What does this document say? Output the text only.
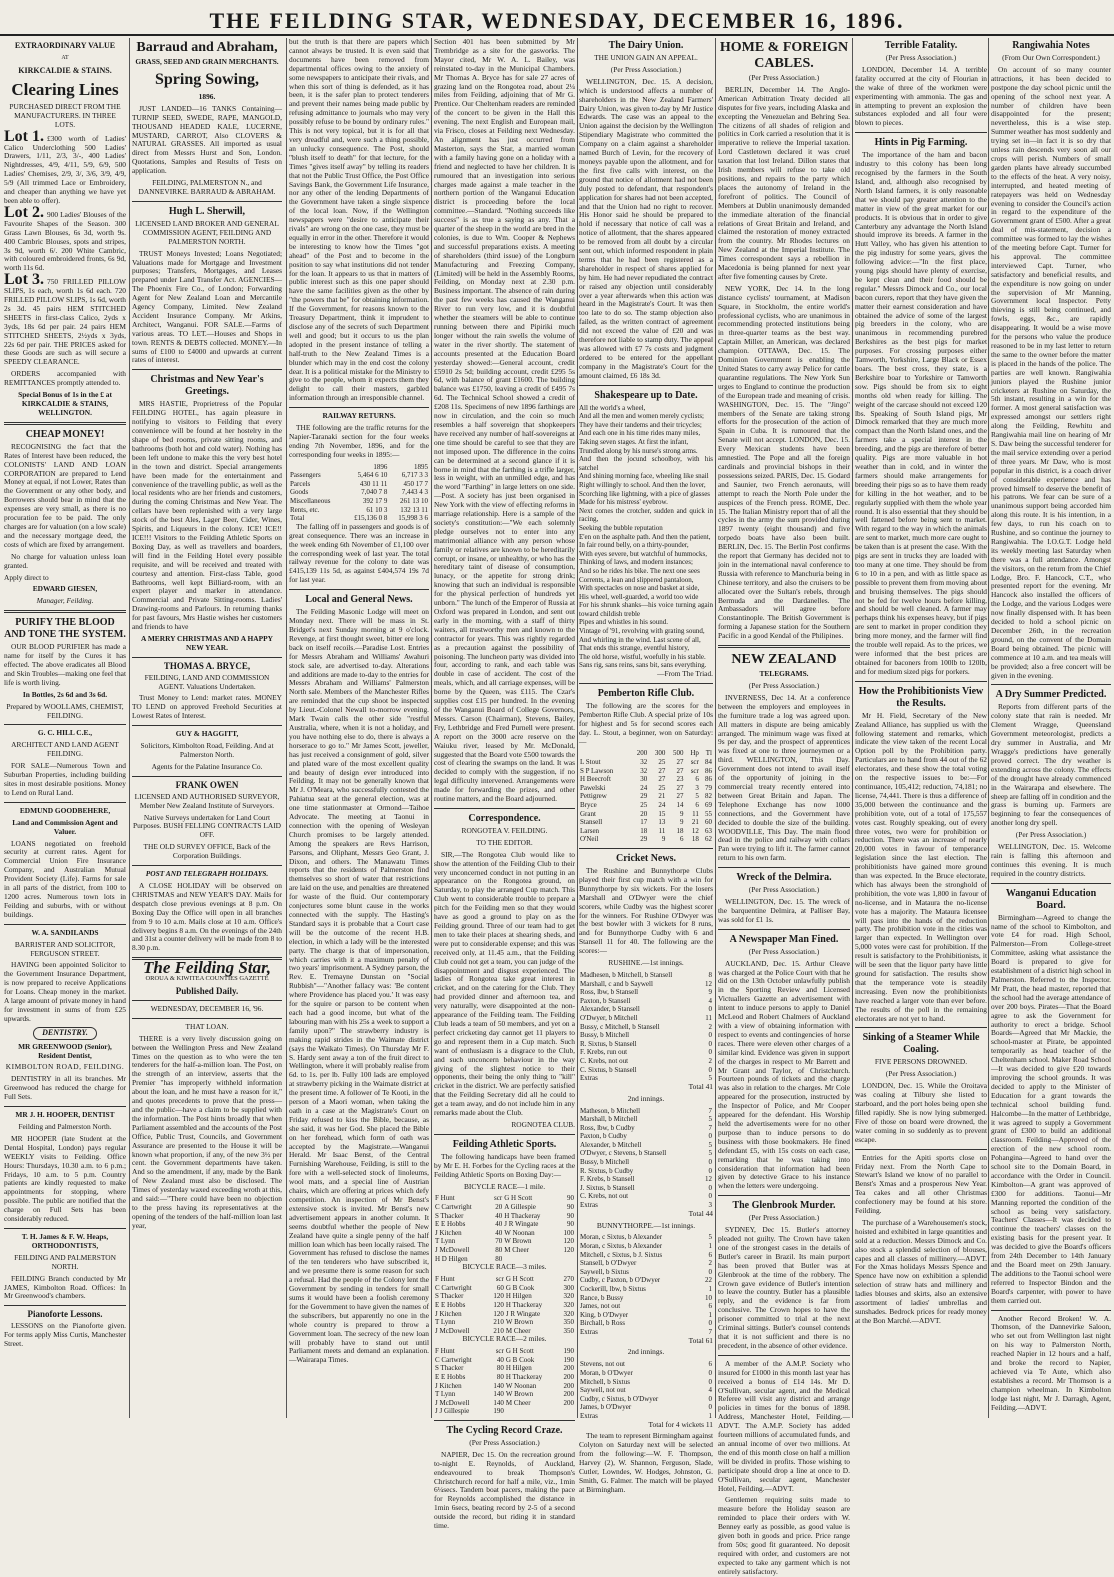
THE FEILDING STAR, WEDNESDAY, DECEMBER 16, 1896.
EXTRAORDINARY VALUE
AT
KIRKCALDIE & STAINS.
Clearing Lines

PURCHASED DIRECT FROM THE MANUFACTURERS. IN THREE LOTS.

Lot 1. £300 worth of Ladies' Calico Underclothing 500 Ladies' Drawers, 1/11, 2/3, 3/-, 400 Ladies' Nightdresses, 4/9, 4/11, 5/9, 6/9, 500 Ladies' Chemises, 2/9, 3/, 3/6, 3/9, 4/9, 5/9 (All trimmed Lace or Embroidery, and cheaper than anything we have yet been able to offer).

Lot 2. 900 Ladies' Blouses of the Favourite Shapes of the Season. 300 Grass Lawn Blouses, 6s 3d, worth 9s. 400 Cambric Blouses, spots and stripes, 3s 9d, worth 6/. 200 White Cambric, with coloured embroidered fronts, 6s 9d, worth 11s 6d.

Lot 3. 750 FRILLED PILLOW SLIPS, 1s each, worth 1s 6d each. 720 FRILLED PILLOW SLIPS, 1s 6d, worth 2s 3d. 45 pairs HEM STITCHED SHEETS in first-class Calico, 2yds x 3yds, 18s 6d per pair. 24 pairs HEM STITCHED SHEETS, 2½yds x 3yds, 22s 6d per pair. THE PRICES asked for these Goods are such as will secure a SPEEDY CLEARANCE.

ORDERS accompanied with REMITTANCES promptly attended to.

Special Bonus of 1s in the £ at KIRKCALDIE & STAINS, WELLINGTON.

CHEAP MONEY!

RECOGNISING the fact that the Rates of Interest have been reduced, the COLONISTS' LAND AND LOAN CORPORATION are prepared to Lend Money at equal, if not Lower, Rates than the Government or any other body, and Borrowers should bear in mind that the expenses are very small, as there is no procuration fee to be paid. The only charges are for valuation (on a low scale) and the necessary mortgage deed, the costs of which are fixed by arrangement.

No charge for valuation unless loan granted.

Apply direct to

EDWARD GIESEN,

Manager, Feilding.

PURIFY THE BLOOD AND TONE THE SYSTEM.

OUR BLOOD PURIFIER has made a name for itself by the Cures it has effected. The above eradicates all Blood and Skin Troubles—making one feel that life is worth living.

In Bottles, 2s 6d and 3s 6d.

Prepared by WOOLLAMS, CHEMIST, FEILDING.

G. C. HILL C.E.,

ARCHITECT AND LAND AGENT FEILDING.

FOR SALE—Numerous Town and Suburban Properties, including building sites in most desirable positions. Money to Lend on Rural Land.

EDMUND GOODBEHERE,

Land and Commission Agent and Valuer.

LOANS negotiated on freehold security at current rates. Agent for Commercial Union Fire Insurance Company, and Australian Mutual Provident Society (Life). Farms for sale in all parts of the district, from 100 to 1200 acres. Numerous town lots in Feilding and suburbs, with or without buildings.

W. A. SANDILANDS

BARRISTER AND SOLICITOR, FERGUSON STREET.

HAVING been appointed Solicitor to the Government Insurance Department, is now prepared to receive Applications for Loans. Cheap money in the market. A large amount of private money in hand for investment in sums of from £25 upwards.

DENTISTRY.

MR GREENWOOD (Senior), Resident Dentist,

KIMBOLTON ROAD, FEILDING.

DENTISTRY in all its branches. Mr Greenwood has reduced the charge for Full Sets.

MR J. H. HOOPER, DENTIST

Feilding and Palmerston North.

MR HOOPER (late Student at the Dental Hospital, London) pays regular WEEKLY visits to Feilding. Office Hours: Thursdays, 10.30 a.m. to 6 p.m.; Fridays, 10 a.m. to 5 p.m. Country patients are kindly requested to make appointments for stopping, where possible. The public are notified that the charge on Full Sets has been considerably reduced.

T. H. James & F. W. Heaps, ORTHODONTISTS,

FEILDING AND PALMERSTON NORTH.

FEILDING Branch conducted by Mr JAMES, Kimbolton Road. Offices: In Mr Greenwood's chambers.

Pianoforte Lessons.

LESSONS on the Pianoforte given. For terms apply Miss Curtis, Manchester Street.

Barraud and Abraham,

GRASS, SEED AND GRAIN MERCHANTS.

Spring Sowing,

1896.

JUST LANDED—16 TANKS Containing—TURNIP SEED, SWEDE, RAPE, MANGOLD, THOUSAND HEADED KALE, LUCERNE, MUSTARD, CARROT, Also CLOVERS & NATURAL GRASSES. All imported as usual direct from Messrs Hurst and Son, London. Quotations, Samples and Results of Tests on application.

FEILDING, PALMERSTON N., and DANNEVIRKE. BARRAUD & ABRAHAM.

Hugh L. Sherwill,

LICENSED LAND BROKER AND GENERAL COMMISSION AGENT, FEILDING AND PALMERSTON NORTH.

TRUST Moneys Invested; Loans Negotiated; Valuations made for Mortgage and Investment purposes; Transfers, Mortgages, and Leases prepared under Land Transfer Act. AGENCIES—The Phoenix Fire Co., of London; Forwarding Agent for New Zealand Loan and Mercantile Agency Company, Limited. New Zealand Accident Insurance Company. Mr Atkins, Architect, Wanganui. FOR SALE.—Farms of various areas. TO LET.—Houses and Shops in town. RENTS & DEBTS collected. MONEY.—In sums of £100 to £4000 and upwards at current rates of interest.

Christmas and New Year's Greetings.

MRS HASTIE, Proprietress of the Popular FEILDING HOTEL, has again pleasure in notifying to visitors to Feilding that every convenience will be found at her hostelry in the shape of bed rooms, private sitting rooms, and bathrooms (both hot and cold water). Nothing has been left undone to make this the very best hotel in the town and district. Special arrangements have been made for the entertainment and convenience of the travelling public, as well as the local residents who are her friends and customers, during the coming Christmas and New Year. The cellars have been replenished with a very large stock of the best Ales, Lager Beer, Cider, Wines, Spirits, and Liqueurs in the colony. ICE! ICE!! ICE!!! Visitors to the Feilding Athletic Sports on Boxing Day, as well as travellers and boarders, will find in the Feilding Hotel every possible requisite, and will be received and treated with courtesy and attention. First-class Table, good Bathrooms, well kept Billiard-room, with an expert player and marker in attendance. Commercial and Private Sitting-rooms. Ladies' Drawing-rooms and Parlours. In returning thanks for past favours, Mrs Hastie wishes her customers and friends to have

A MERRY CHRISTMAS AND A HAPPY NEW YEAR.

THOMAS A. BRYCE,

FEILDING, LAND AND COMMISSION AGENT. Valuations Undertaken.

Trust Money to Lend: market rates. MONEY TO LEND on approved Freehold Securities at Lowest Rates of Interest.

GUY & HAGGITT,

Solicitors, Kimbolton Road, Feilding. And at Palmerston North.

Agents for the Palatine Insurance Co.

FRANK OWEN

LICENSED AND AUTHORISED SURVEYOR, Member New Zealand Institute of Surveyors.

Native Surveys undertaken for Land Court Purposes. BUSH FELLING CONTRACTS LAID OFF.

THE OLD SURVEY OFFICE, Back of the Corporation Buildings.

POST AND TELEGRAPH HOLIDAYS.

A CLOSE HOLIDAY will be observed on CHRISTMAS and NEW YEAR'S DAY. Mails for despatch close previous evenings at 8 p.m. On Boxing Day the Office will open in all branches from 9 to 10 a.m. Mails close at 10 a.m. Office's delivery begins 8 a.m. On the evenings of the 24th and 31st a counter delivery will be made from 8 to 8.30 p.m.

The Feilding Star,

OROUA & KIWITEA COUNTIES GAZETTE

Published Daily.

WEDNESDAY, DECEMBER 16, '96.

THAT LOAN.

THERE is a very lively discussion going on between the Wellington Press and New Zealand Times on the question as to who were the ten tenderers for the half-a-million loan. The Post, on the strength of an interview, asserts that the Premier "has improperly withheld information about the loan, and he must have a reason for it," and quotes precedents to prove that the press—and the public—have a claim to be supplied with the information. The Post hints broadly that when Parliament assembled and the accounts of the Post Office, Public Trust, Councils, and Government Assurance are presented to the House it will be known what proportion, if any, of the new 3½ per cent. the Government departments have taken. And so the amendment, if any, made by the Bank of New Zealand must also be disclosed. The Times of yesterday waxed exceeding wroth at this, and said:—"There could have been no objection to the press having its representatives at the opening of the tenders of the half-million loan last year,

but the truth is that there are papers which cannot always be trusted. It is even said that documents have been removed from departmental offices owing to the anxiety of some newspapers to anticipate their rivals, and when this sort of thing is defended, as it has been, it is the safer plan to protect tenderers and prevent their names being made public by refusing admittance to journals who may very possibly refuse to be bound by ordinary rules." This is not very topical, but it is for all that very dreadful and, were such a thing possible, an unlucky consequence. The Post, should "blush itself to death" for that lecture, for the Times "gives itself away" by telling its readers that not the Public Trust Office, the Post Office Savings Bank, the Government Life Insurance, nor any other of the lending Departments of the Government have taken a single sixpence of the local loan. Now, if the Wellington newspapers were "desire to anticipate their rivals" are wrong on the one case, they must be equally in error in the other. Therefore it would be interesting to know how the Times "got ahead" of the Post and to become in the position to say what institutions did not tender for the loan. It appears to us that in matters of public interest such as this one paper should have the same facilities given as the other by "the powers that be" for obtaining information. If the Government, for reasons known to the Treasury Department, think it imprudent to disclose any of the secrets of such Department well and good; but it occurs to us the plan adopted in the present instance of telling a half-truth to the New Zealand Times is a blunder which may in the end cost the colony dear. It is a political mistake for the Ministry to give to the people, whom it expects them they delight to call their masters, garbled information through an irresponsible channel.

RAILWAY RETURNS.

THE following are the traffic returns for the Napier-Taranaki section for the four weeks ending 7th November, 1896, and for the corresponding four weeks in 1895:—

	1896	1895
Passengers	5,464 6 10	6,717 3 3
Parcels	430 11 11	450 17 7
Goods	7,040 7 8	7,443 4 3
Miscellaneous	392 17 9	261 13 10
Rents, etc.	61 10 3	132 13 11
Total	£15,136 0 8	15,998 3 6

The falling off in passengers and goods is of great consequence. There was an increase in the week ending 6th November of £1,100 over the corresponding week of last year. The total railway revenue for the colony to date was £415,139 11s 5d, as against £404,574 19s 7d for last year.

Local and General News.

The Feilding Masonic Lodge will meet on Monday next. There will be mass in St. Bridget's next Sunday morning at 9 o'clock. Revenge, at first thought sweet, bitter ere long back on itself recoils.—Paradise Lost. Entries for Messrs Abraham and Williams' Awahuri stock sale, are advertised to-day. Alterations and additions are made to-day to the entries for Messrs Abraham and Williams' Palmerston North sale. Members of the Manchester Rifles are reminded that the cup shoot be inspected by Lieut.-Colonel Newall to-morrow evening. Mark Twain calls the other side "restful Australia, where, when it is not a holiday, and you have nothing else to do, there is always a horserace to go to." Mr James Scott, jeweller, has just received a consignment of gold, silver and plated ware of the most excellent quality and beauty of design ever introduced into Feilding. It may not be generally known that Mr J. O'Meara, who successfully contested the Pahiatua seat at the general election, was at one time stationmaster at Ormond—Taihoe Advocate. The meeting at Taonui in connection with the opening of Wesleyan Church promises to be largely attended. Among the speakers are Revs Harrison, Parsons, and Oliphant, Messrs Geo Grant, J. Dixon, and others. The Manawatu Times reports that the residents of Palmerston find themselves so short of water that restrictions are laid on the use, and penalties are threatened for waste of the fluid. Our contemporary conjectures some blunt cause in the works connected with the supply. The Hasting's Standard says it is probable that a Court case will be the outcome of the recent H.B. election, in which a lady will be the interested party. The charge is that of impersonation, which carries with it a maximum penalty of two years' imprisonment. A Sydney parson, the Rev. E. Tremayne Dunstan on "Social Rubbish"—"Another fallacy was: 'Be content where Providence has placed you.' It was easy for the squire or parson to be content when each had a good income, but what of the labouring man with his 25s a week to support a family upon?" The strawberry industry is making rapid strides in the Waimate district (says the Waikato Times). On Thursday Mr F. S. Hardy sent away a ton of the fruit direct to Wellington, where it will probably realise from 6d. to 1s. per lb. Fully 100 lads are employed at strawberry picking in the Waimate district at the present time. A follower of Te Kooti, in the person of a Maori woman, when taking the oath in a case at the Magistrate's Court on Friday refused to kiss the Bible, because, as she said, it was her God. She placed the Bible on her forehead, which form of oath was accepted by the Magistrate.—Wanganui Herald. Mr Isaac Benst, of the Central Furnishing Warehouse, Feilding, is still to the fore with a well-selected stock of linoleums, wool mats, and a special line of Austrian chairs, which are offering at prices which defy competition. An inspection of Mr Benst's extensive stock is invited. Mr Benst's new advertisement appears in another column. It seems doubtful whether the people of New Zealand have quite a single penny of the half million loan which has been locally raised. The Government has refused to disclose the names of the ten tenderers who have subscribed it, and we presume there is some reason for such a refusal. Had the people of the Colony lent the Government by sending in tenders for small sums it would have been a foolish ceremony for the Government to have given the names of the subscribers, but apparently no one in the whole country is prepared to throw a Government loan. The secrecy of the new loan will probably have to stand out until Parliament meets and demand an explanation.—Wairarapa Times.

Section 401 has been submitted by Mr Trembridge as a site for the gasworks. The Mayor cited, Mr W. A. L. Bailey, was reinstated to-day in the Municipal Chambers. Mr Thomas A. Bryce has for sale 27 acres of grazing land on the Rongotea road, about 2¼ miles from Feilding, adjoining that of Mr G. Prentice. Our Cheltenham readers are reminded of the concert to be given in the Hall this evening. The next English and European mail, via Frisco, closes at Feilding next Wednesday. An alignment has just occurred from Masterton, says the Star, a married woman with a family having gone on a holiday with a friend and neglected to have her children. It is rumoured that an investigation into serious charges made against a male teacher in the northern portion of the Wanganui Education district is proceeding before the local committee.—Standard. "Nothing succeeds like success" is as true a saying as any. That a quarter of the sheep in the world are bred in the colonies, is due to Wm. Cooper & Nephews and successful preparations exists. A meeting of shareholders (third issue) of the Longburn Manufacturing and Freezing Company, (Limited) will be held in the Assembly Rooms, Feilding, on Monday next at 2.30 p.m. Business important. The absence of rain during the past few weeks has caused the Wanganui River to run very low, and it is doubtful whether the steamers will be able to continue running between there and Pipiriki much longer without the rain swells the volume of water in the river shortly. The statement of accounts presented at the Education Board yesterday showed:—General account, credit £5910 2s 5d; building account, credit £295 5s 6d, with balance of grant £1600. The building balance was £1750, leaving a credit of £495 7s 6d. The Technical School showed a credit of £208 11s. Specimens of new 1896 farthings are now in circulation, and the coin so much resembles a half sovereign that shopkeepers have received any number of half-sovereigns at one time should be careful to see that they are not imposed upon. The difference in the coins can be determined at a second glance if it is borne in mind that the farthing is a trifle larger, less in weight, with an unmilled edge, and has the word "Farthing" in large letters on one side.—Post. A society has just been organised in New York with the view of effecting reforms in marriage relationship. Here is a sample of the society's constitution:—"We each solemnly pledge ourselves not to enter into any matrimonial alliance with any person whose family or relatives are known to be hereditarily corrupt, or insane, or unhealthy, or who has the hereditary taint of disease of consumption, lunacy, or the appetite for strong drink; knowing that such an individual is responsible for the physical perfection of hundreds yet unborn." The lunch of the Emperor of Russia at Oxford was prepared in London, and sent out early in the morning, with a staff of thirty waiters, all trustworthy men and known to the contractor for years. This was rightly regarded as a precaution against the possibility of poisoning. The luncheon party was divided into four, according to rank, and each table was double in case of accident. The cost of the meals, which, and all carriage expenses, will be borne by the Queen, was £115. The Czar's supplies cost £15 per hundred. In the evening of the Wanganui Board of College Governors, Messrs. Carson (Chairman), Stevens, Bailey, Fry, Lethbridge and Fred Purnell were present. A report on the 3000 acre reserve on the Waiuku river, leased by Mr. McDonald, suggested that the Board vote £500 towards the cost of clearing the swamps on the land. It was decided to comply with the suggestion, if no legal difficulty intervened. Arrangements were made for forwarding the prizes, and other routine matters, and the Board adjourned.

Correspondence.

RONGOTEA V. FEILDING.

TO THE EDITOR.

SIR,—The Rongotea Club would like to show the attention of the Feilding Club to their very unconcerned conduct in not putting in an appearance on the Rongotea ground, on Saturday, to play the arranged Cup match. This Club went to considerable trouble to prepare a pitch for the Feilding men so that they would have as good a ground to play on as the Feilding ground. Three of our team had to get men to take their places at shearing sheds, and were put to considerable expense; and this was received only, at 11.45 a.m., that the Feilding Club could not get a team, you can judge of the disappointment and disgust experienced. The ladies of Rongotea take great interest in cricket, and on the catering for the Club. They had provided dinner and afternoon tea, and very naturally, were disappointed at the non-appearance of the Feilding team. The Feilding Club leads a team of 50 members, and yet on a perfect cricketing day cannot get 11 players to go and represent them in a Cup match. Such want of enthusiasm is a disgrace to the Club, and such unconcern behaviour in the way giving of the slightest notice to their opponents, their being the only thing to "kill" cricket in the district. We are perfectly satisfied that the Feilding Secretary did all he could to get a team away, and do not include him in any remarks made about the Club.

ROGNOTEA CLUB.

Feilding Athletic Sports.

The following handicaps have been framed by Mr E. H. Forbes for the Cycling races at the Feilding Athletic Sports on Boxing Day:—

BICYCLE RACE—1 mile.

F Hunt	scr	G H Scott	90
C Cartwright	20	A Gillespie	90
S Thacker	40	H Thackeray	90
E E Hobbs	40	J R Wingate	90
J Kitchen	40	W Noonan	100
T Lynn	70	W Brown	120
J McDowell	80	M Cheer	120
H D Hilgen	80		

BICYCLE RACE—3 miles.

F Hunt	scr	G H Scott	270
C Cartwright	60	G B Cook	300
S Thacker	120	H Hilgen	320
E E Hobbs	120	H Thackeray	320
J Kitchen	120	J R Wingate	320
T Lynn	210	W Brown	350
J McDowell	210	M Cheer	350

BICYCLE RACE—2 miles.

F Hunt	scr	G H Scott	190
C Cartwright	40	G B Cook	190
S Thacker	80	H Hilgen	200
E E Hobbs	80	H Thackeray	200
J Kitchen	140	W Noonan	200
T Lynn	140	W Brown	200
J McDowell	140	M Cheer	200
J J Gillespie	190		
The Cycling Record Craze.

(Per Press Association.)

NAPIER, Dec 15. On the recreation ground to-night E. Reynolds, of Auckland, endeavoured to break Thompson's Christchurch record for half a mile, viz., 1min 6¼secs. Tandem boat pacers, making the pace for Reynolds accomplished the distance in 1min 6secs, beating record by 2-5 of a second outside the record, but riding it in standard time.

The Dairy Union.

THE UNION GAIN AN APPEAL.

(Per Press Association.)

WELLINGTON, Dec. 15. A decision, which is understood affects a number of shareholders in the New Zealand Farmers' Dairy Union, was given to-day by Mr Justice Edwards. The case was an appeal to the Union against the decision by the Wellington Stipendiary Magistrate who committed the Company on a claim against a shareholder named Burch of Levin, for the recovery of moneys payable upon the allotment, and for the first five calls with interest, on the ground that notice of allotment had not been duly posted to defendant, that respondent's application for shares had not been accepted, and that the Union had no right to recover. His Honor said he should be prepared to hold if necessary that notice of call was a notice of allotment, that the shares appeared to be removed from all doubt by a circular sent out, which informed respondent in plain terms that he had been registered as a shareholder in respect of shares applied for by him. He had never repudiated the contract or raised any objection until considerably over a year afterwards when this action was heard in the Magistrate's Court. It was then too late to do so. The stamp objection also failed, as the written contract of agreement did not exceed the value of £20 and was therefore not liable to stamp duty. The appeal was allowed with £7 7s costs and judgment ordered to be entered for the appellant company in the Magistrate's Court for the amount claimed, £6 18s 3d.

Shakespeare up to Date.
All the world's a wheel,
And all the men and women merely cyclists;
They have their tandems and their tricycles;
And each one in his time rides many miles,
Taking seven stages. At first the infant,
Trundled along by his nurse's strong arms.
And then the jocund schoolboy, with his satchel
And shining morning face, wheeling like snail
Right willingly to school. And then the lover,
Scorching like lightning, with a pice of glasses
Made for his mistress' eyebrow.
Next comes the crotcher, sudden and quick in racing,
Seeking the bubble reputation
E'en on the asphalte path. And then the patient,
In fair round belly, on a thirty-pounder,
With eyes severe, but watchful of hummocks,
Thinking of laws, and modern instances;
And so he rides his bike. The next one sees
Corrents, a lean and slippered pantaloon,
With spectacles on nose and basket at side,
His wheel, well-guarded, a world too wide
For his shrunk shanks—his voice turning again toward childish treble
Pipes and whistles in his sound.
Vintage of '91, revolving with grating sound,
And whirling in the wind. Last scene of all,
That ends this strange, eventful history,
The old horse, wistful, woefully in his stable.
Sans rig, sans reins, sans bit, sans everything.

—From The Triad.

Pemberton Rifle Club.

The following are the scores for the Pemberton Rifle Club. A special prize of 10s for highest and 5s for second scores each day. L. Stout, a beginner, won on Saturday:—

	200	300	500	Hp	Tl
L Stout	32	25	27	scr	84
S P Lawson	32	27	27	scr	86
H Beecroft	30	27	23	6	86
Pawelski	24	25	27	3	79
Pettigrew	29	21	27	5	82
Bryce	25	24	14	6	69
Grant	20	15	9	11	55
Stansell	17	13	9	21	60
Larsen	18	11	18	12	63
O'Neil	29	9	6	18	62
Cricket News.

The Rushine and Bunnythorpe Clubs played their first cup match with a win for Bunnythorpe by six wickets. For the losers Marshall and O'Dwyer were the chief scorers, while Cudby was the highest scorer for the winners. For Rushine O'Dwyer was the best bowler with 3 wickets for 8 runs, and for Bunnythorpe Cudby with 6 and Stansell 11 for 40. The following are the scores:—

RUSHINE.—1st innings.

Madhesen, b Mitchell, b Stansell	8
Marshall, c and b Saywell	12
Ross, lbw, b Stansell	9
Paxton, b Stansell	4
Alexander, b Stansell	0
O'Dwyer, b Mitchell	11
Bussy, c Mitchell, b Stansell	2
Bussy, b Mitchell	0
R. Sixtus, b Stansell	0
F. Krebs, run out	0
C. Krebs, not out	2
C. Sixtus, b Stansell	0
Extras	5

Total 41

2nd innings.

Matheson, b Mitchell	7
Marshall, b Mitchell	5
Ross, lbw, b Cudby	7
Paxton, b Cudby	0
Alexander, b Mitchell	5
O'Dwyer, c Stevens, b Stansell	5
Bussy, b Mitchell	0
R. Sixtus, b Cudby	0
F. Krebs, b Stansell	12
J. Sixtus, b Stansell	0
C. Krebs, not out	0
Extras	3

Total 44

BUNNYTHORPE.—1st innings.

Moran, c Sixtus, b Alexander	5
Moran, c Sixtus, b Alexander	1
Mitchell, c Sixtus, b J. Sixtus	6
Stansell, b O'Dwyer	2
Saywell, b Sixtus	0
Cudby, c Paxton, b O'Dwyer	22
Cockerill, lbw, b Sixtus	1
Rance, b Bussy	10
James, not out	6
King, b O'Dwyer	1
Birchall, b Ross	0
Extras	7

Total 61

2nd innings.

Stevens, not out	6
Moran, b O'Dwyer	0
Mitchell, b Sixtus	0
Saywell, not out	4
Cudby, c Sixtus, b O'Dwyer	0
James, b O'Dwyer	0
Extras	1

Total for 4 wickets 11

The team to represent Birmingham against Colyton on Saturday next will be selected from the following:—W. F. Thompson, Harvey (2), W. Shannon, Ferguson, Slade, Cutler, Lowndes, W. Hodges, Johnston, G. Smith, G. Falmer. The match will be played at Birmingham.

HOME & FOREIGN CABLES.

(Per Press Association.)

BERLIN, December 14. The Anglo-American Arbitration Treaty decided all disputes for five years, including Alaska and excepting the Venezuelan and Behring Sea. The citizens of all shades of religion and politics in Cork carried a resolution that it is imperative to relieve the Imperial taxation. Lord Castletown declared it was cruel taxation that lost Ireland. Dillon states that Irish members will refuse to take old positions, and repairs to the party which places the autonomy of Ireland in the forefront of politics. The Council of Members at Dublin unanimously demanded the immediate alteration of the financial relations of Great Britain and Ireland, and claimed the restoration of money extracted from the country. Mr Rhodes lectures on New Zealand at the Imperial Institute. The Times correspondent says a rebellion in Macedonia is being planned for next year after five fomenting causes by Crete.

NEW YORK, Dec 14. In the long distance cyclists' tournament, at Madison Square, in Stockholm, the entire world's professional cyclists, who are unanimous in recommending protected institutions being in three-quarter teams as the best way. Captain Miller, an American, was declared champion. OTTAWA, Dec. 15. The Dominion Government is enabling the United States to carry away Pelice for cattle quarantine regulations. The New York Sun urges to England to continue the production of the European trade and meaning of crisis. WASHINGTON, Dec. 15. The "Jingo" members of the Senate are taking strong efforts for the prosecution of the action of Spain in Cuba. It is rumoured that the Senate will not accept. LONDON, Dec. 15. Every Mexican students have been amnestied. The Pope and all the foreign cardinals and provincial bishops in their possessions seized. PARIS, Dec. 15. Godard and Saunier, two French aeronauts, will attempt to reach the North Pole under the auspices of the French press. ROME, Dec. 15. The Italian Ministry report that of all the cycles in the army the sum provided during 1897 twenty (eight thousand) and five torpedo boats have also been built. BERLIN, Dec. 15. The Berlin Post confirms the report that Germany has decided not to join in the international naval conference to Russia with reference to Manchuria being in Chinese territory, and also the cruisers to be allocated over the Sultan's rebels, through Bermuda and the Dardanelles. The Ambassadors will agree before Constantinople. The British Government is forming a Japanese station for the Southern Pacific in a good Kendal of the Philipines.

NEW ZEALAND

TELEGRAMS.

(Per Press Association.)

INVERNESS, Dec 14. At a conference between the employers and employees in the furniture trade a log was agreed upon. All matters in dispute are being amicably arranged. The minimum wage was fixed at 9s per day, and the prospect of apprentices was fixed at one to three journeymen or a third. WELLINGTON, This Day. Government does not intend to avail itself of the opportunity of joining in the commercial treaty recently entered into between Great Britain and Japan. The Telephone Exchange has now 1000 connections, and the Government have decided to double the size of the building. WOODVILLE, This Day. The main flood dead in the police and railway with collars Pan were trying to lift it. The farmer cannot return to his own farm.

Wreck of the Delmira.

(Per Press Association.)

WELLINGTON, Dec. 15. The wreck of the barquentine Delmira, at Palliser Bay, was sold for £1 1s.

A Newspaper Man Fined.

(Per Press Association.)

AUCKLAND, Dec. 15. Arthur Cleave was charged at the Police Court with that he did on the 13th October unlawfully publish in the Sporting Review and Licensed Victuallers Gazette an advertisement with intent to induce persons to apply to Daniel McLeod and Robert Chalmers of Auckland with a view of obtaining information with respect to events and contingencies of horse races. There were eleven other charges of a similar kind. Evidence was given in support of the charges in respect to Mr Barrett and Mr Grant and Taylor, of Christchurch. Fourteen pounds of tickets and the charge was also in relation to the charges. Mr Cole appeared for the prosecution, instructed by the Inspector of Police, and Mr Cooper appeared for the defendant. His Worship held the advertisements were for no other purpose than to induce persons to do business with those bookmakers. He fined defendant £5, with 15s costs on each case, remarking that he was taking into consideration that information had been given by detective Grace to his instance when the letters were undergoing.

The Glenbrook Murder.

(Per Press Association.)

SYDNEY, Dec 15. Butler's attorney pleaded not guilty. The Crown have taken one of the strongest cases in the details of Butler's career in Brazil. Its main purport has been proved that Butler was at Glenbrook at the time of the robbery. The Crown gave evidence of Butler's intention to leave the country. Butler has a plausible reply, and the evidence is far from conclusive. The Crown hopes to have the prisoner committed to trial at the next Criminal sittings. Butler's counsel contends that it is not sufficient and there is no precedent, in the absence of other evidence.

A member of the A.M.P. Society who insured for £1000 in this month last year has received a bonus of £14 14s. Mr D. O'Sullivan, secular agent, and the Medical Referee will visit any district and arrange policies in times for the bonus of 1898. Address, Manchester Hotel, Feilding.—ADVT. The A.M.P. Society has added fourteen millions of accumulated funds, and an annual income of over two millions. At the end of this month close on half a million will be divided in profits. Those wishing to participate should drop a line at once to D. O'Sullivan, secular agent, Manchester Hotel, Feilding.—ADVT.

Gentlemen requiring suits made to measure before the Holiday season are reminded to place their orders with W. Benney early as possible, as good value is given both in goods and price. Price range from 50s; good fit guaranteed. No deposit required with order, and customers are not expected to take any garment which is not entirely satisfactory.

Terrible Fatality.

(Per Press Association.)

LONDON, December 14. A terrible fatality occurred at the city of Flourian in the wake of three of the workmen were experimenting with ammonia. The gas and in attempting to prevent an explosion the substances exploded and all four were blown to pieces.

Hints in Pig Farming.

The importance of the ham and bacon industry to this colony has been long recognised by the farmers in the South Island, and, although also recognised by North Island farmers, it is only reasonable that we should pay greater attention to the matter in view of the great market for our products. It is obvious that in order to give Canterbury any advantage the North Island should improve its breeds. A farmer in the Hutt Valley, who has given his attention to the pig industry for some years, gives the following advice:—"In the first place, young pigs should have plenty of exercise, be kept clean and their food should be regular." Messrs Dimock and Co., our local bacon curers, report that they have given the matter their earnest consideration and have obtained the advice of some of the largest pig breeders in the colony, who are unanimous in recommending purebred Berkshires as the best pigs for market purposes. For crossing purposes either Tamworth, Yorkshire, Large Black or Essex boars. The best cross, they state, is a Berkshire boar to Yorkshire or Tamworth sow. Pigs should be from six to eight months old when ready for killing. The weight of the carcase should not exceed 120 lbs. Speaking of South Island pigs, Mr Dimock remarked that they are much more compact than the North Island ones, and the farmers take a special interest in the breeding, and the pigs are therefore of better quality. Pigs are more valuable in hot weather than in cold, and in winter the farmers should make arrangements for breeding their pigs so as to have them ready for killing in the hot weather, and to be regularly supplied with them the whole year round. It is also essential that they should be well fattened before being sent to market. With regard to the way in which the animals are sent to market, much more care ought to be taken than is at present the case. With the pigs are sent in trucks they are loaded with too many at one time. They should be from 6 to 10 in a pen, and with as little space as possible to prevent them from moving about and bruising themselves. The pigs should not be fed for twelve hours before killing, and should be well cleaned. A farmer may perhaps think his expenses heavy, but if pigs are sent to market in proper condition they bring more money, and the farmer will find the trouble well repaid. As to the prices, we were informed that the best prices are obtained for baconers from 100lb to 120lb, and for medium sized pigs for porkers.

How the Prohibitionists View the Results.

Mr H. Field, Secretary of the New Zealand Alliance, has supplied us with the following statement and remarks, which indicate the view taken of the recent Local Option poll by the Prohibition party. Particulars are to hand from 44 out of the 62 electorates, and these show the total voting on the respective issues to be:—For continuance, 105,412; reduction, 74,181; no license, 74,441. There is thus a difference of 35,000 between the continuance and the prohibition vote, out of a total of 175,557 votes cast. Roughly speaking, out of every three votes, two were for prohibition or reduction. There was an increase of nearly 20,000 votes in favour of temperance legislation since the last election. The prohibitionists have gained more ground than was expected. In the Bruce electorate, which has always been the stronghold of prohibition, the vote was 1,800 in favour of no-license, and in Mataura the no-license vote has a majority. The Mataura licensee will pass into the hands of the reduction party. The prohibition vote in the cities was larger than expected. In Wellington over 5,000 votes were cast for prohibition. If the result is satisfactory to the Prohibitionists, it will be seen that the liquor party have little ground for satisfaction. The results show that the temperance vote is steadily increasing. Even now the prohibitionists have reached a larger vote than ever before. The results of the poll in the remaining electorates are not yet to hand.

Sinking of a Steamer While Coaling.

FIVE PERSONS DROWNED.

(Per Press Association.)

LONDON, Dec. 15. While the Oroitava was coaling at Tilbury she listed to starboard, and the port holes being open she filled rapidly. She is now lying submerged. Five of those on board were drowned, the water coming in so suddenly as to prevent escape.

Entries for the Apiti sports close on Friday next. From the North Cape to Stewart's Island we know of no parallel to Benst's Xmas and a prosperous New Year. Tea cakes and all other Christmas confectionery may be found at his store. Feilding.

The purchase of a Warehousemen's stock, hoisted and exhibited in large quantities and sold at a reduction. Messrs Dimock and Co. also stock a splendid selection of blouses, capes and all classes of millinery.—ADVT. For the Xmas holidays Messrs Spence and Spence have now on exhibition a splendid selection of straw hats and millinery and ladies blouses and skirts, also an extensive assortment of ladies' umbrellas and sunshades. Bedrock prices for ready money at the Bon Marché.—ADVT.

Rangiwahia Notes

(From Our Own Correspondent.)

On account of so many counter attractions, it has been decided to postpone the day school picnic until the opening of the school next year. A number of children have been disappointed for the present; nevertheless, this is a wise step. Summer weather has most suddenly and trying set in—in fact it is so dry that unless rain descends very soon all our crops will perish. Numbers of small garden plants have already succumbed to the effects of the heat. A very noisy, interrupted, and heated meeting of ratepayers was held on Wednesday evening to consider the Council's action in regard to the expenditure of the Government grant of £500. After a great deal of mis-statement, decision a committee was formed to lay the wishes of the meeting before Capt. Turner for his approval. The committee interviewed Capt. Turner, who satisfactory and beneficial results, and the expenditure is now going on under the supervision of Mr Manning, Government local Inspector. Petty thieving is still being continued, and fowls, eggs, &c., are rapidly disappearing. It would be a wise move for the persons who value the produce reasoned to be in my last letter to return the same to the owner before the matter is placed in the hands of the police. The parties are well known. Rangiwahia juniors played the Rushine junior cricketers at Rushine on Saturday, the 5th instant, resulting in a win for the former. A most general satisfaction was expressed amongst our settlers right along the Feilding, Rewhitu and Rangiwahia mail line on hearing of Mr S. Daw being the successful tenderer for the mail service extending over a period of three years. Mr Daw, who is most popular in this district, is a coach driver of considerable experience and has proved himself to deserve the benefit of his patrons. We fear can be sure of a unanimous support being accorded him along this route. It is his intention, in a few days, to run his coach on to Rushine, and so continue the journey to Rangiwahia. The I.O.G.T. Lodge held its weekly meeting last Saturday when there was a full attendance. Amongst the visitors, on the return from the Chief Lodge, Bro. F. Hancock, C.T., who presented report for the evening. Mr Hancock also installed the officers of the Lodge, and the various Lodges were now finally dispensed with. It has been decided to hold a school picnic on December 26th, in the recreation ground, on the convent of the Domain Board being obtained. The picnic will commence at 10 a.m. and tea meals will be provided; also a free concert will be given in the evening.

A Dry Summer Predicted.

Reports from different parts of the colony state that rain is needed. Mr Clement Wragge, Queensland Government meteorologist, predicts a dry summer in Australia, and Mr Wragge's predictions have generally proved correct. The dry weather is extending across the colony. The effects of the drought have already commenced in the Wairarapa and elsewhere. The sheep are falling off in condition and the grass is burning up. Farmers are beginning to fear the consequences of another long dry spell.

(Per Press Association.)

WELLINGTON, Dec. 15. Welcome rain is falling this afternoon and continues this evening. It is much required in the country districts.

Wanganui Education Board.

Birmingham—Agreed to change the name of the school to Kimbolton, and vote £4 for road. High School, Palmerston—From College-street Committee, asking what assistance the Board is prepared to give for establishment of a district high school in Palmerston. Referred to the Inspector. Mr Pratt, the head master, reported that the school had the average attendance of over 200 boys. Pirates—That the Board agree to ask the Government for authority to erect a bridge. School Boards—Agreed that Mr Mackie, the school-master at Pirate, be appointed temporarily as head teacher of the Cheltenham school. Maker Road School—It was decided to give £20 towards improving the school grounds. It was decided to apply to the Minister of Education for a grant towards the technical school building fund. Halcombe—In the matter of Lethbridge, it was agreed to supply a Government grant of £300 to build an additional classroom. Feilding—Approved of the erection of the new school room. Pohangina—Agreed to hand over the school site to the Domain Board, in accordance with the Order in Council. Kimbolton—A grant was approved of £300 for additions. Taonui—Mr Manning reported the condition of the school as being very satisfactory. Teachers' Classes—It was decided to continue the teachers' classes on the existing basis for the present year. It was decided to give the Board's officers from 24th December to 14th January and the Board meet on 29th January. The additions to the Taonui school were referred to Inspector Bindon and the Board's carpenter, with power to have them carried out.

Another Record Broken! W. A. Thomson, of the Dannevirke Saloon, who set out from Wellington last night on his way to Palmerston North, reached Napier in 12 hours and a half, and broke the record to Napier, achieved via Te Aute, which also establishes a record. Mr Thomson is a champion wheelman. In Kimbolton lodge last night, Mr J. Darragh, Agent, Feilding.—ADVT.
